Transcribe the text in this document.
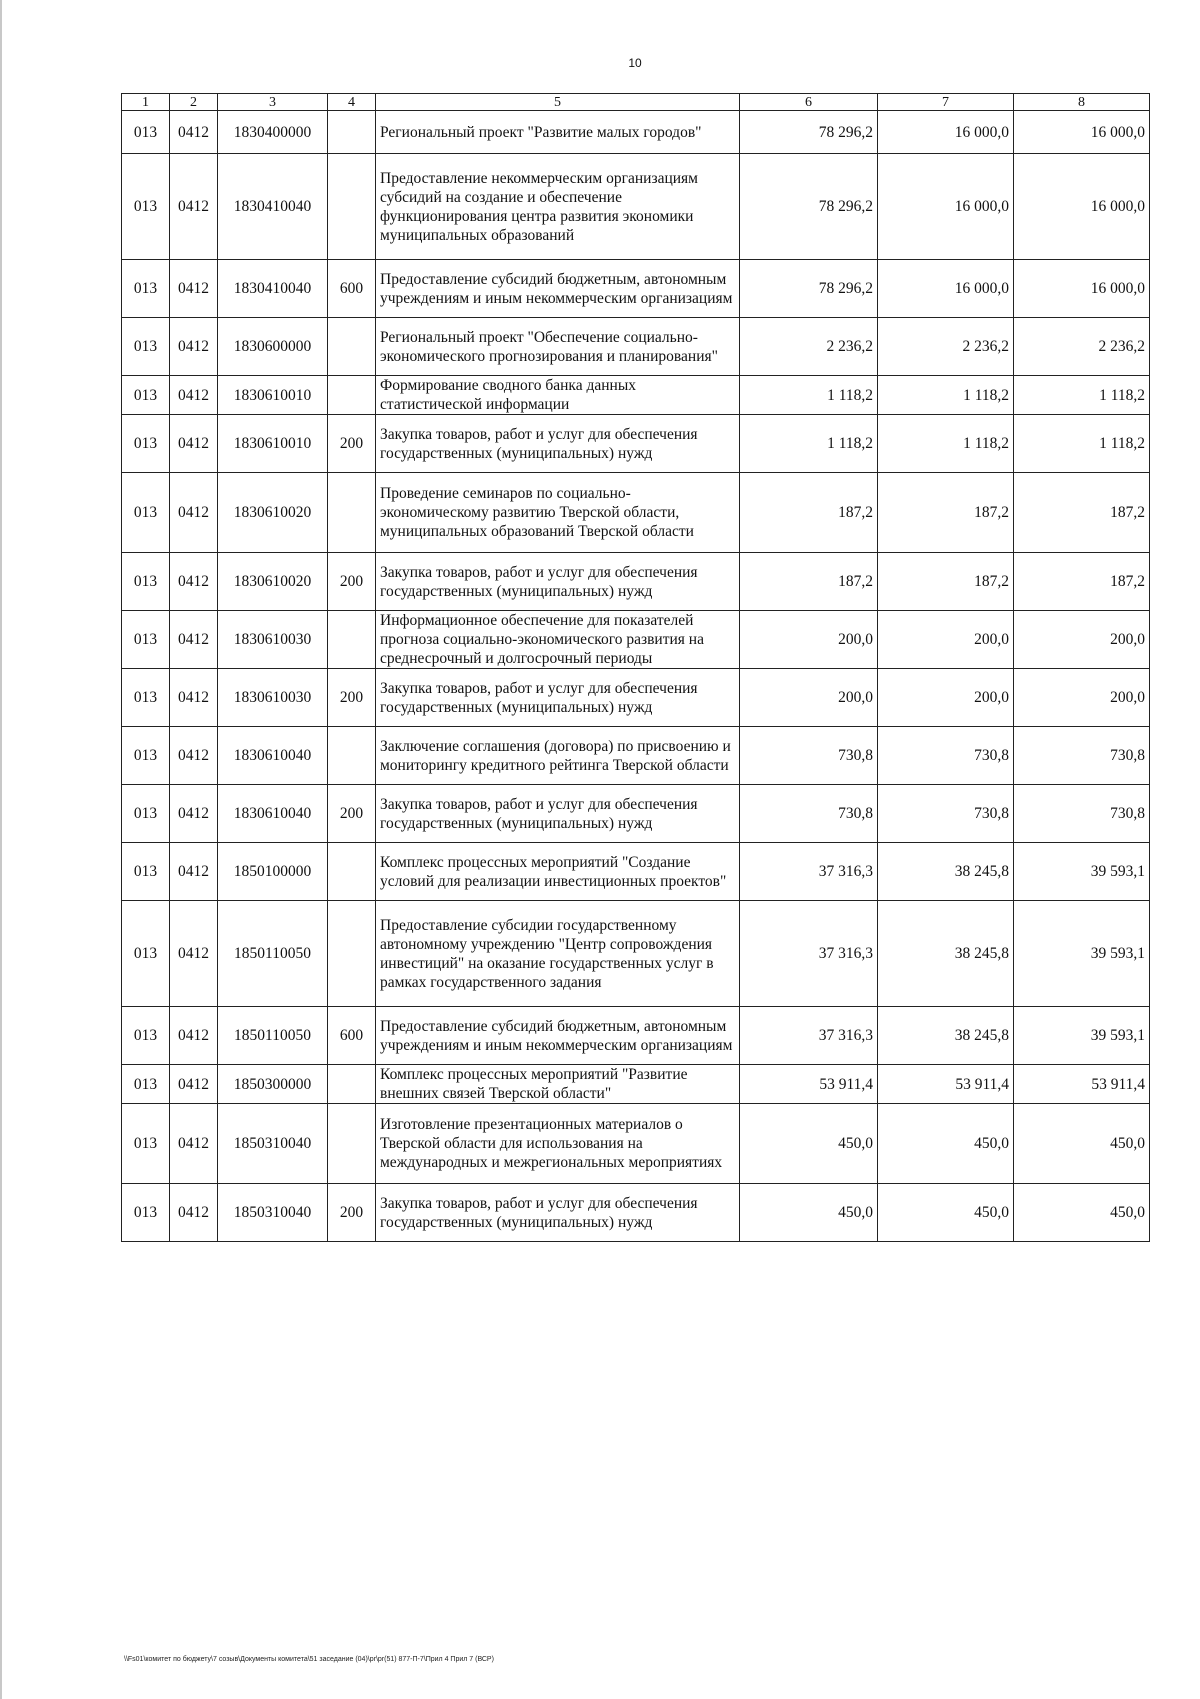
10
1	2	3	4	5	6	7	8
013	0412	1830400000		Региональный проект "Развитие малых городов"	78 296,2	16 000,0	16 000,0
013	0412	1830410040		Предоставление некоммерческим организациям субсидий на создание и обеспечение функционирования центра развития экономики муниципальных образований	78 296,2	16 000,0	16 000,0
013	0412	1830410040	600	Предоставление субсидий бюджетным, автономным учреждениям и иным некоммерческим организациям	78 296,2	16 000,0	16 000,0
013	0412	1830600000		Региональный проект "Обеспечение социально-экономического прогнозирования и планирования"	2 236,2	2 236,2	2 236,2
013	0412	1830610010		Формирование сводного банка данных статистической информации	1 118,2	1 118,2	1 118,2
013	0412	1830610010	200	Закупка товаров, работ и услуг для обеспечения государственных (муниципальных) нужд	1 118,2	1 118,2	1 118,2
013	0412	1830610020		Проведение семинаров по социально-экономическому развитию Тверской области, муниципальных образований Тверской области	187,2	187,2	187,2
013	0412	1830610020	200	Закупка товаров, работ и услуг для обеспечения государственных (муниципальных) нужд	187,2	187,2	187,2
013	0412	1830610030		Информационное обеспечение для показателей прогноза социально-экономического развития на среднесрочный и долгосрочный периоды	200,0	200,0	200,0
013	0412	1830610030	200	Закупка товаров, работ и услуг для обеспечения государственных (муниципальных) нужд	200,0	200,0	200,0
013	0412	1830610040		Заключение соглашения (договора) по присвоению и мониторингу кредитного рейтинга Тверской области	730,8	730,8	730,8
013	0412	1830610040	200	Закупка товаров, работ и услуг для обеспечения государственных (муниципальных) нужд	730,8	730,8	730,8
013	0412	1850100000		Комплекс процессных мероприятий "Создание условий для реализации инвестиционных проектов"	37 316,3	38 245,8	39 593,1
013	0412	1850110050		Предоставление субсидии государственному автономному учреждению "Центр сопровождения инвестиций" на оказание государственных услуг в рамках государственного задания	37 316,3	38 245,8	39 593,1
013	0412	1850110050	600	Предоставление субсидий бюджетным, автономным учреждениям и иным некоммерческим организациям	37 316,3	38 245,8	39 593,1
013	0412	1850300000		Комплекс процессных мероприятий "Развитие внешних связей Тверской области"	53 911,4	53 911,4	53 911,4
013	0412	1850310040		Изготовление презентационных материалов о Тверской области для использования на международных и межрегиональных мероприятиях	450,0	450,0	450,0
013	0412	1850310040	200	Закупка товаров, работ и услуг для обеспечения государственных (муниципальных) нужд	450,0	450,0	450,0
\\Fs01\комитет по бюджету\7 созыв\Документы комитета\51 заседание (04)\pr\pr(51) 877-П-7\Прил 4 Прил 7 (ВСР)
